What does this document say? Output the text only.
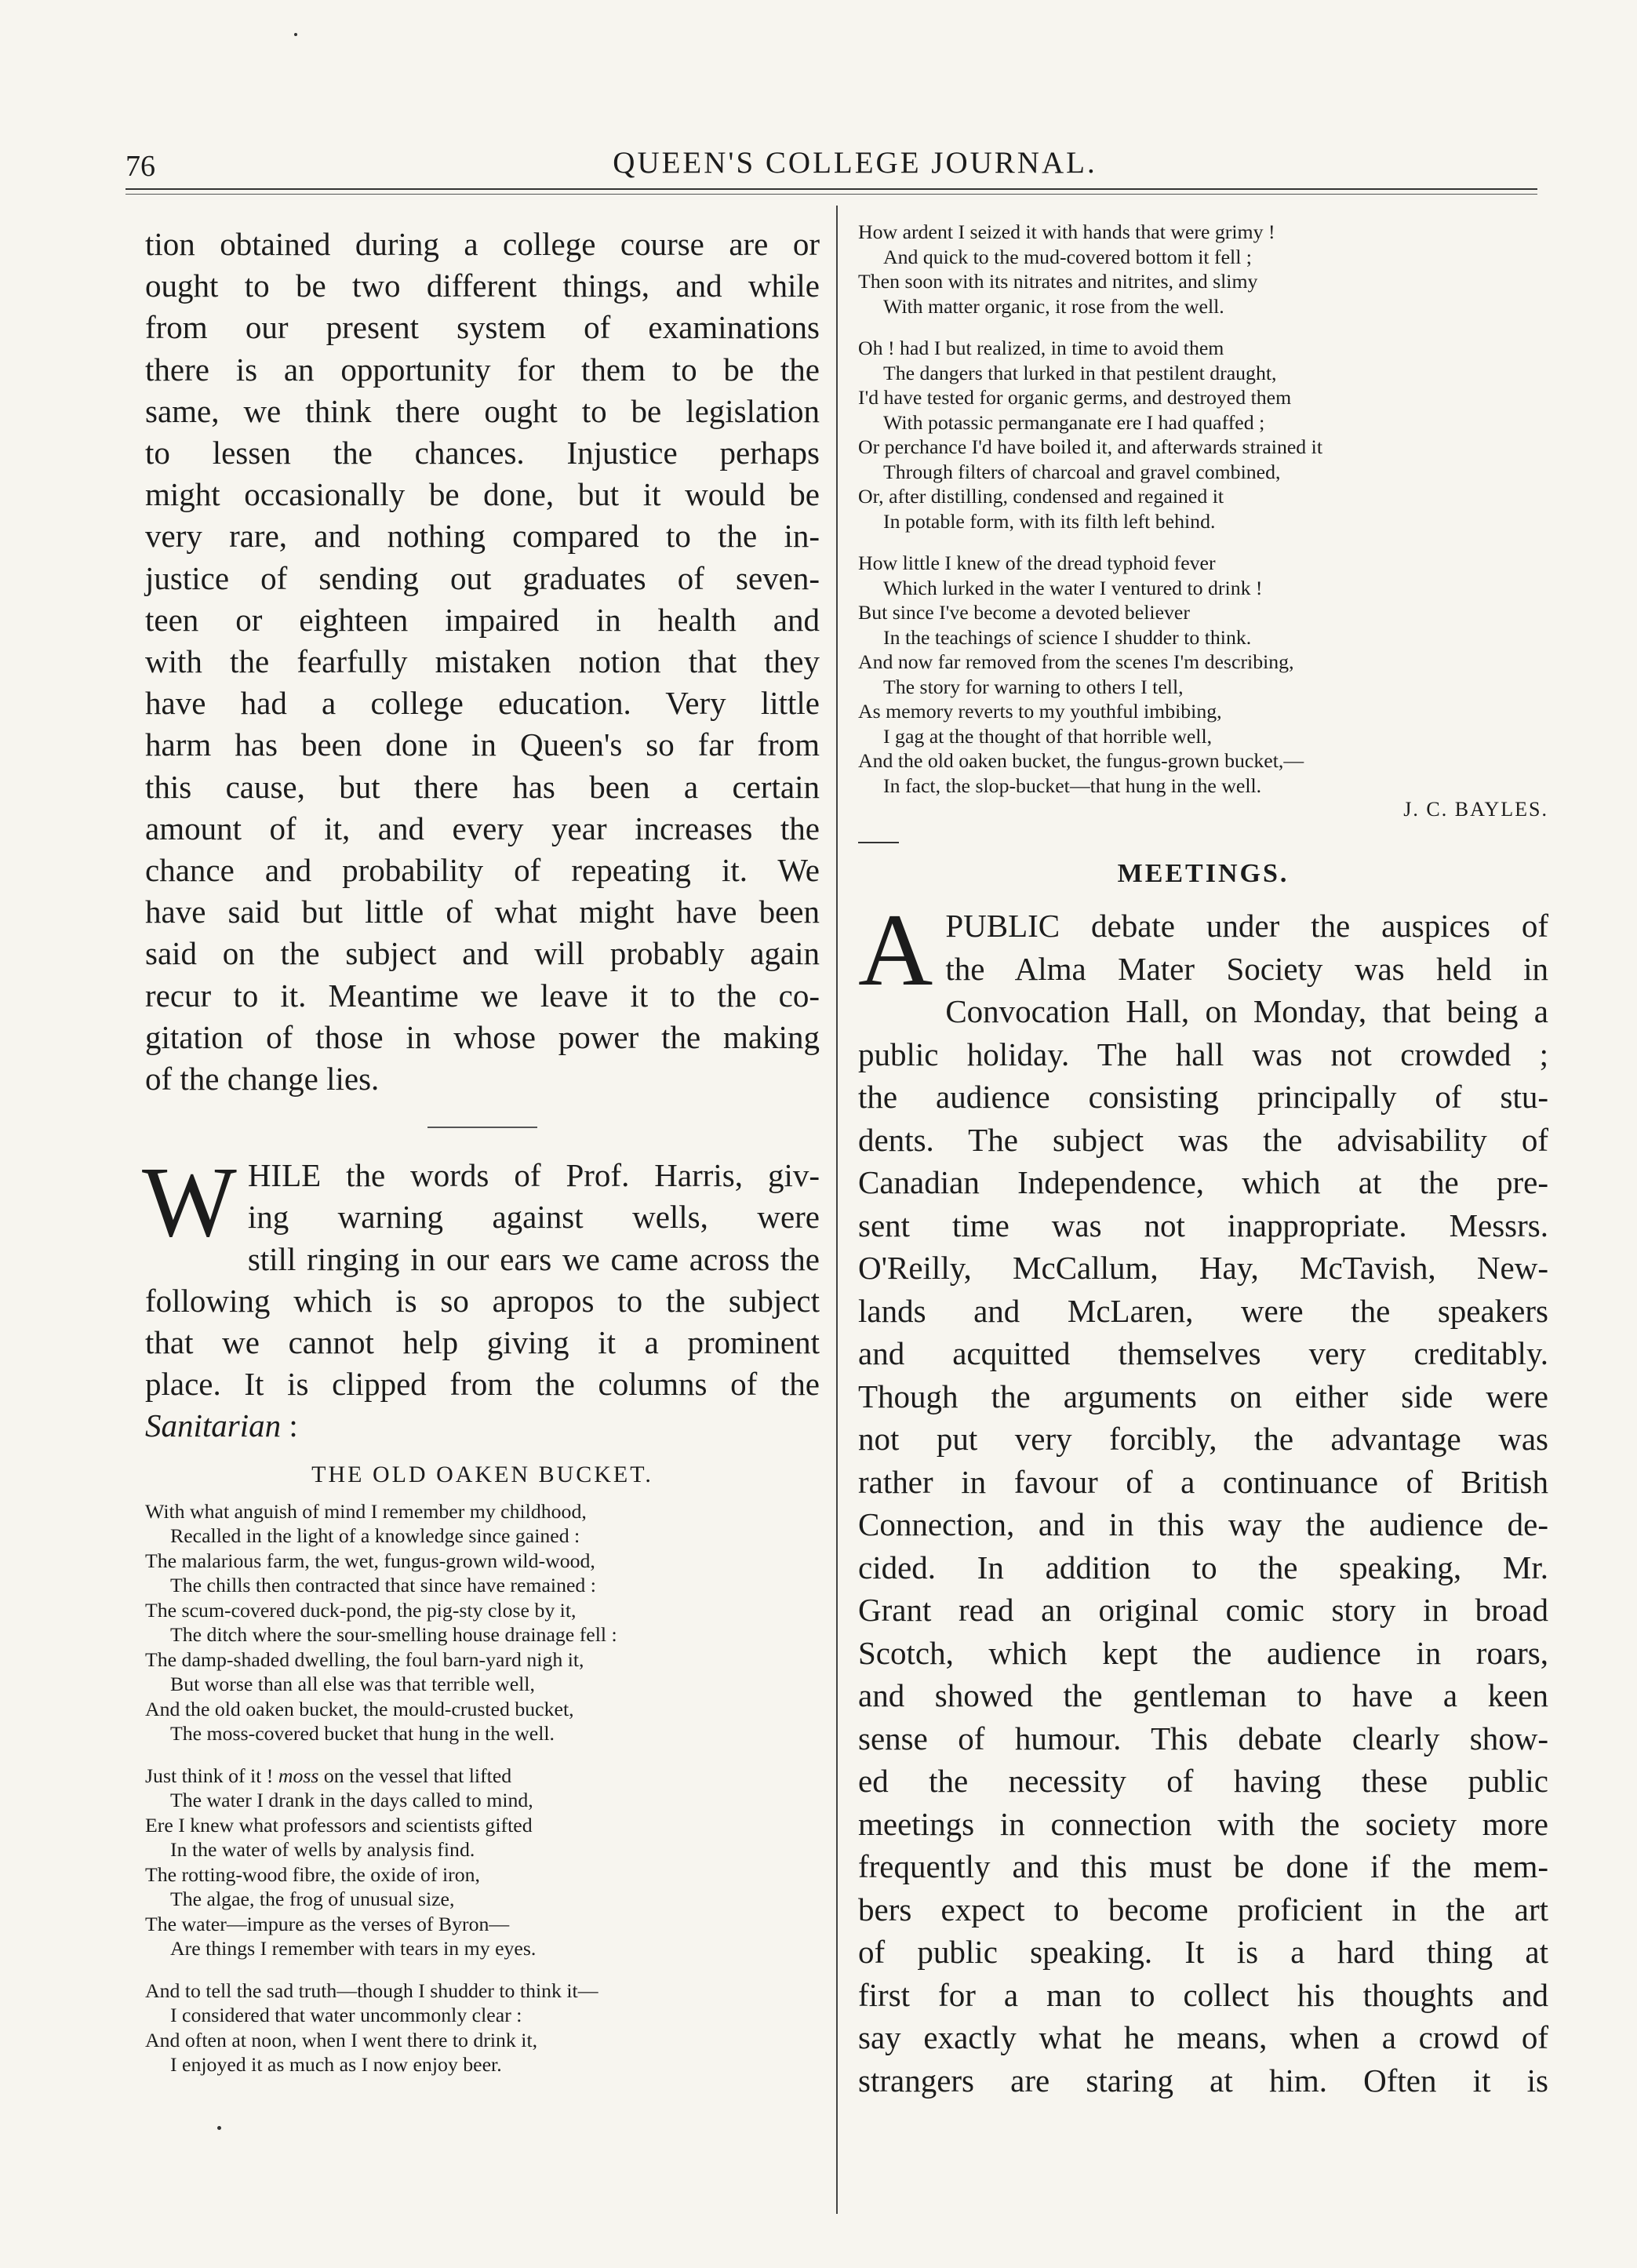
76	QUEEN'S COLLEGE JOURNAL.
tion obtained during a college course are or
ought to be two different things, and while
from our present system of examinations
there is an opportunity for them to be the
same, we think there ought to be legislation
to lessen the chances. Injustice perhaps
might occasionally be done, but it would be
very rare, and nothing compared to the in-
justice of sending out graduates of seven-
teen or eighteen impaired in health and
with the fearfully mistaken notion that they
have had a college education. Very little
harm has been done in Queen's so far from
this cause, but there has been a certain
amount of it, and every year increases the
chance and probability of repeating it. We
have said but little of what might have been
said on the subject and will probably again
recur to it. Meantime we leave it to the co-
gitation of those in whose power the making
of the change lies.
W HILE the words of Prof. Harris, giv-
ing warning against wells, were
still ringing in our ears we came across the
following which is so apropos to the subject
that we cannot help giving it a prominent
place. It is clipped from the columns of the
Sanitarian :
THE OLD OAKEN BUCKET.
With what anguish of mind I remember my childhood,
Recalled in the light of a knowledge since gained :
The malarious farm, the wet, fungus-grown wild-wood,
The chills then contracted that since have remained :
The scum-covered duck-pond, the pig-sty close by it,
The ditch where the sour-smelling house drainage fell :
The damp-shaded dwelling, the foul barn-yard nigh it,
But worse than all else was that terrible well,
And the old oaken bucket, the mould-crusted bucket,
The moss-covered bucket that hung in the well.
Just think of it ! moss on the vessel that lifted
The water I drank in the days called to mind,
Ere I knew what professors and scientists gifted
In the water of wells by analysis find.
The rotting-wood fibre, the oxide of iron,
The algae, the frog of unusual size,
The water—impure as the verses of Byron—
Are things I remember with tears in my eyes.
And to tell the sad truth—though I shudder to think it—
I considered that water uncommonly clear :
And often at noon, when I went there to drink it,
I enjoyed it as much as I now enjoy beer.
How ardent I seized it with hands that were grimy !
And quick to the mud-covered bottom it fell ;
Then soon with its nitrates and nitrites, and slimy
With matter organic, it rose from the well.
Oh ! had I but realized, in time to avoid them
The dangers that lurked in that pestilent draught,
I'd have tested for organic germs, and destroyed them
With potassic permanganate ere I had quaffed ;
Or perchance I'd have boiled it, and afterwards strained it
Through filters of charcoal and gravel combined,
Or, after distilling, condensed and regained it
In potable form, with its filth left behind.
How little I knew of the dread typhoid fever
Which lurked in the water I ventured to drink !
But since I've become a devoted believer
In the teachings of science I shudder to think.
And now far removed from the scenes I'm describing,
The story for warning to others I tell,
As memory reverts to my youthful imbibing,
I gag at the thought of that horrible well,
And the old oaken bucket, the fungus-grown bucket,—
In fact, the slop-bucket—that hung in the well.
J. C. BAYLES.
MEETINGS.
A PUBLIC debate under the auspices of
the Alma Mater Society was held in
Convocation Hall, on Monday, that being a
public holiday. The hall was not crowded ;
the audience consisting principally of stu-
dents. The subject was the advisability of
Canadian Independence, which at the pre-
sent time was not inappropriate. Messrs.
O'Reilly, McCallum, Hay, McTavish, New-
lands and McLaren, were the speakers
and acquitted themselves very creditably.
Though the arguments on either side were
not put very forcibly, the advantage was
rather in favour of a continuance of British
Connection, and in this way the audience de-
cided. In addition to the speaking, Mr.
Grant read an original comic story in broad
Scotch, which kept the audience in roars,
and showed the gentleman to have a keen
sense of humour. This debate clearly show-
ed the necessity of having these public
meetings in connection with the society more
frequently and this must be done if the mem-
bers expect to become proficient in the art
of public speaking. It is a hard thing at
first for a man to collect his thoughts and
say exactly what he means, when a crowd of
strangers are staring at him. Often it is
